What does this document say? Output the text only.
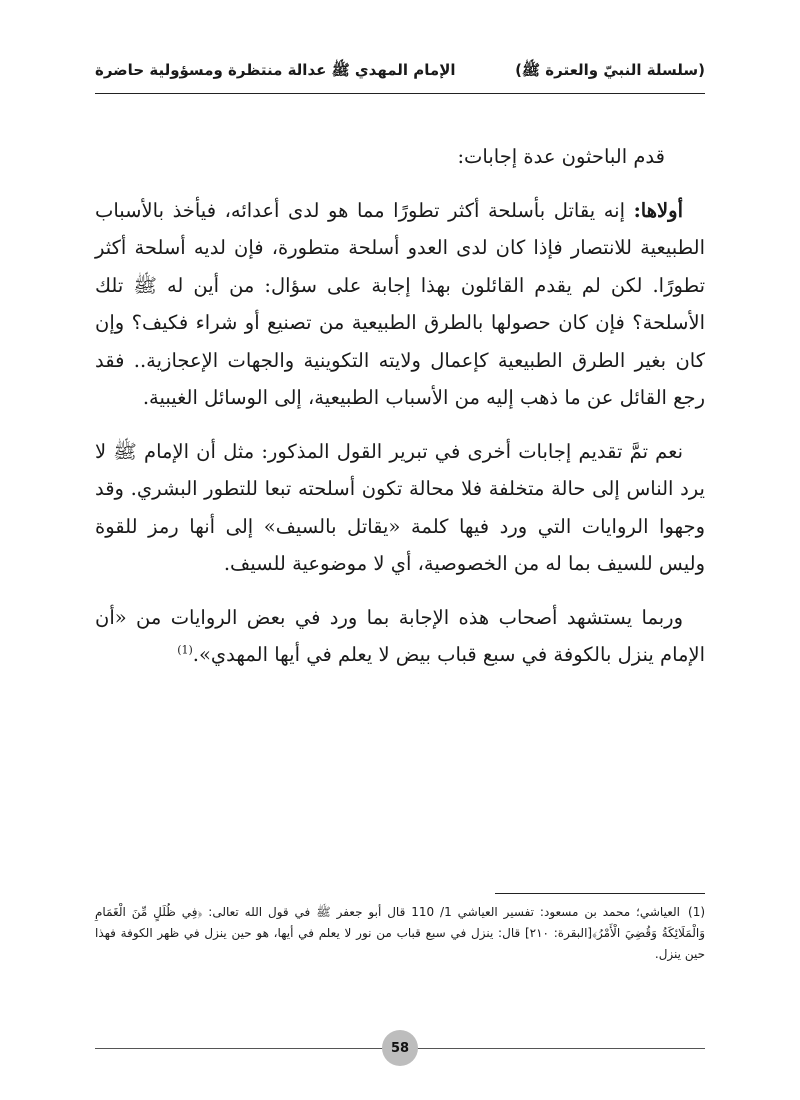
(سلسلة النبيّ والعترة ﷺ)
الإمام المهدي ﷺ عدالة منتظرة ومسؤولية حاضرة

قدم الباحثون عدة إجابات:

أولاها: إنه يقاتل بأسلحة أكثر تطورًا مما هو لدى أعدائه، فيأخذ بالأسباب الطبيعية للانتصار فإذا كان لدى العدو أسلحة متطورة، فإن لديه أسلحة أكثر تطورًا. لكن لم يقدم القائلون بهذا إجابة على سؤال: من أين له ﷺ تلك الأسلحة؟ فإن كان حصولها بالطرق الطبيعية من تصنيع أو شراء فكيف؟ وإن كان بغير الطرق الطبيعية كإعمال ولايته التكوينية والجهات الإعجازية.. فقد رجع القائل عن ما ذهب إليه من الأسباب الطبيعية، إلى الوسائل الغيبية.

نعم تمَّ تقديم إجابات أخرى في تبرير القول المذكور: مثل أن الإمام ﷺ لا يرد الناس إلى حالة متخلفة فلا محالة تكون أسلحته تبعا للتطور البشري. وقد وجهوا الروايات التي ورد فيها كلمة «يقاتل بالسيف» إلى أنها رمز للقوة وليس للسيف بما له من الخصوصية، أي لا موضوعية للسيف.

وربما يستشهد أصحاب هذه الإجابة بما ورد في بعض الروايات من «أن الإمام ينزل بالكوفة في سبع قباب بيض لا يعلم في أيها المهدي».$^{(1)}$

(1)العياشي؛ محمد بن مسعود: تفسير العياشي 1/ 110 قال أبو جعفر ﷺ في قول الله تعالى: ﴿فِي ظُلَلٍ مِّنَ الْغَمَامِ وَالْمَلَائِكَةُ وَقُضِيَ الْأَمْرُ﴾[البقرة: ٢١٠] قال: ينزل في سبع قباب من نور لا يعلم في أيها، هو حين ينزل في ظهر الكوفة فهذا حين ينزل.
58
